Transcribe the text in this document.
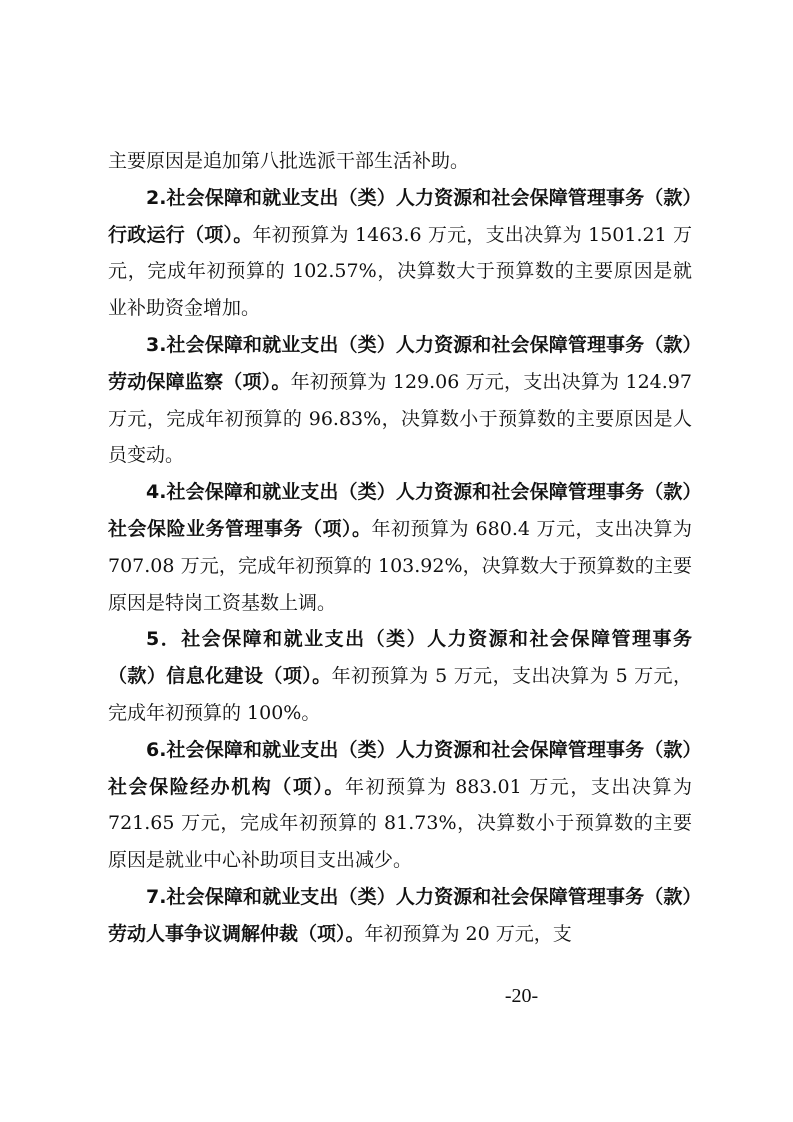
主要原因是追加第八批选派干部生活补助。

2.社会保障和就业支出（类）人力资源和社会保障管理事务（款）行政运行（项）。年初预算为 1463.6 万元，支出决算为 1501.21 万元，完成年初预算的 102.57%，决算数大于预算数的主要原因是就业补助资金增加。

3.社会保障和就业支出（类）人力资源和社会保障管理事务（款）劳动保障监察（项）。年初预算为 129.06 万元，支出决算为 124.97 万元，完成年初预算的 96.83%，决算数小于预算数的主要原因是人员变动。

4.社会保障和就业支出（类）人力资源和社会保障管理事务（款）社会保险业务管理事务（项）。年初预算为 680.4 万元，支出决算为 707.08 万元，完成年初预算的 103.92%，决算数大于预算数的主要原因是特岗工资基数上调。

5．社会保障和就业支出（类）人力资源和社会保障管理事务（款）信息化建设（项）。年初预算为 5 万元，支出决算为 5 万元，完成年初预算的 100%。

6.社会保障和就业支出（类）人力资源和社会保障管理事务（款）社会保险经办机构（项）。年初预算为 883.01 万元，支出决算为 721.65 万元，完成年初预算的 81.73%，决算数小于预算数的主要原因是就业中心补助项目支出减少。

7.社会保障和就业支出（类）人力资源和社会保障管理事务（款）劳动人事争议调解仲裁（项）。年初预算为 20 万元，支

-20-
